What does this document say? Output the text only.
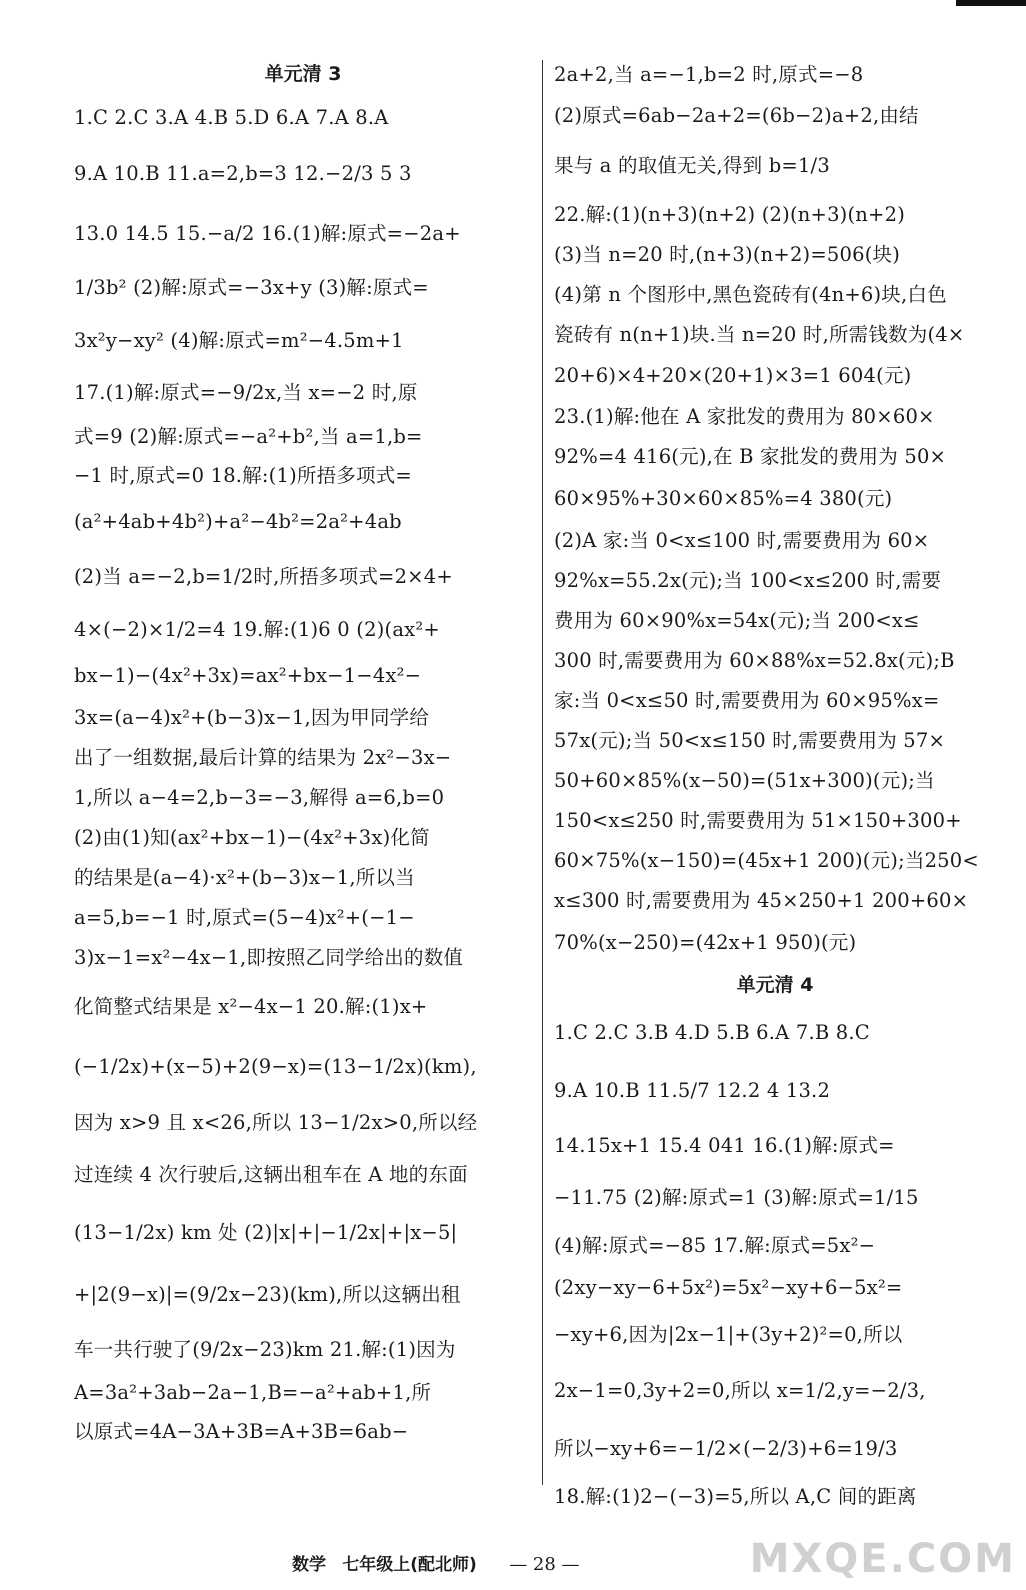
单元清 3
1.C 2.C 3.A 4.B 5.D 6.A 7.A 8.A
9.A 10.B 11.a=2,b=3 12.−2/3 5 3
13.0 14.5 15.−a/2 16.(1)解:原式=−2a+
1/3b² (2)解:原式=−3x+y (3)解:原式=
3x²y−xy² (4)解:原式=m²−4.5m+1
17.(1)解:原式=−9/2x,当 x=−2 时,原
式=9 (2)解:原式=−a²+b²,当 a=1,b=
−1 时,原式=0 18.解:(1)所捂多项式=
(a²+4ab+4b²)+a²−4b²=2a²+4ab
(2)当 a=−2,b=1/2时,所捂多项式=2×4+
4×(−2)×1/2=4 19.解:(1)6 0 (2)(ax²+
bx−1)−(4x²+3x)=ax²+bx−1−4x²−
3x=(a−4)x²+(b−3)x−1,因为甲同学给
出了一组数据,最后计算的结果为 2x²−3x−
1,所以 a−4=2,b−3=−3,解得 a=6,b=0
(2)由(1)知(ax²+bx−1)−(4x²+3x)化简
的结果是(a−4)·x²+(b−3)x−1,所以当
a=5,b=−1 时,原式=(5−4)x²+(−1−
3)x−1=x²−4x−1,即按照乙同学给出的数值
化简整式结果是 x²−4x−1 20.解:(1)x+
(−1/2x)+(x−5)+2(9−x)=(13−1/2x)(km),
因为 x>9 且 x<26,所以 13−1/2x>0,所以经
过连续 4 次行驶后,这辆出租车在 A 地的东面
(13−1/2x) km 处 (2)|x|+|−1/2x|+|x−5|
+|2(9−x)|=(9/2x−23)(km),所以这辆出租
车一共行驶了(9/2x−23)km 21.解:(1)因为
A=3a²+3ab−2a−1,B=−a²+ab+1,所
以原式=4A−3A+3B=A+3B=6ab−
2a+2,当 a=−1,b=2 时,原式=−8
(2)原式=6ab−2a+2=(6b−2)a+2,由结
果与 a 的取值无关,得到 b=1/3
22.解:(1)(n+3)(n+2) (2)(n+3)(n+2)
(3)当 n=20 时,(n+3)(n+2)=506(块)
(4)第 n 个图形中,黑色瓷砖有(4n+6)块,白色
瓷砖有 n(n+1)块.当 n=20 时,所需钱数为(4×
20+6)×4+20×(20+1)×3=1 604(元)
23.(1)解:他在 A 家批发的费用为 80×60×
92%=4 416(元),在 B 家批发的费用为 50×
60×95%+30×60×85%=4 380(元)
(2)A 家:当 0<x≤100 时,需要费用为 60×
92%x=55.2x(元);当 100<x≤200 时,需要
费用为 60×90%x=54x(元);当 200<x≤
300 时,需要费用为 60×88%x=52.8x(元);B
家:当 0<x≤50 时,需要费用为 60×95%x=
57x(元);当 50<x≤150 时,需要费用为 57×
50+60×85%(x−50)=(51x+300)(元);当
150<x≤250 时,需要费用为 51×150+300+
60×75%(x−150)=(45x+1 200)(元);当250<
x≤300 时,需要费用为 45×250+1 200+60×
70%(x−250)=(42x+1 950)(元)
单元清 4
1.C 2.C 3.B 4.D 5.B 6.A 7.B 8.C
9.A 10.B 11.5/7 12.2 4 13.2
14.15x+1 15.4 041 16.(1)解:原式=
−11.75 (2)解:原式=1 (3)解:原式=1/15
(4)解:原式=−85 17.解:原式=5x²−
(2xy−xy−6+5x²)=5x²−xy+6−5x²=
−xy+6,因为|2x−1|+(3y+2)²=0,所以
2x−1=0,3y+2=0,所以 x=1/2,y=−2/3,
所以−xy+6=−1/2×(−2/3)+6=19/3
18.解:(1)2−(−3)=5,所以 A,C 间的距离
数学 七年级上(配北师) — 28 —	MXQE.COM
